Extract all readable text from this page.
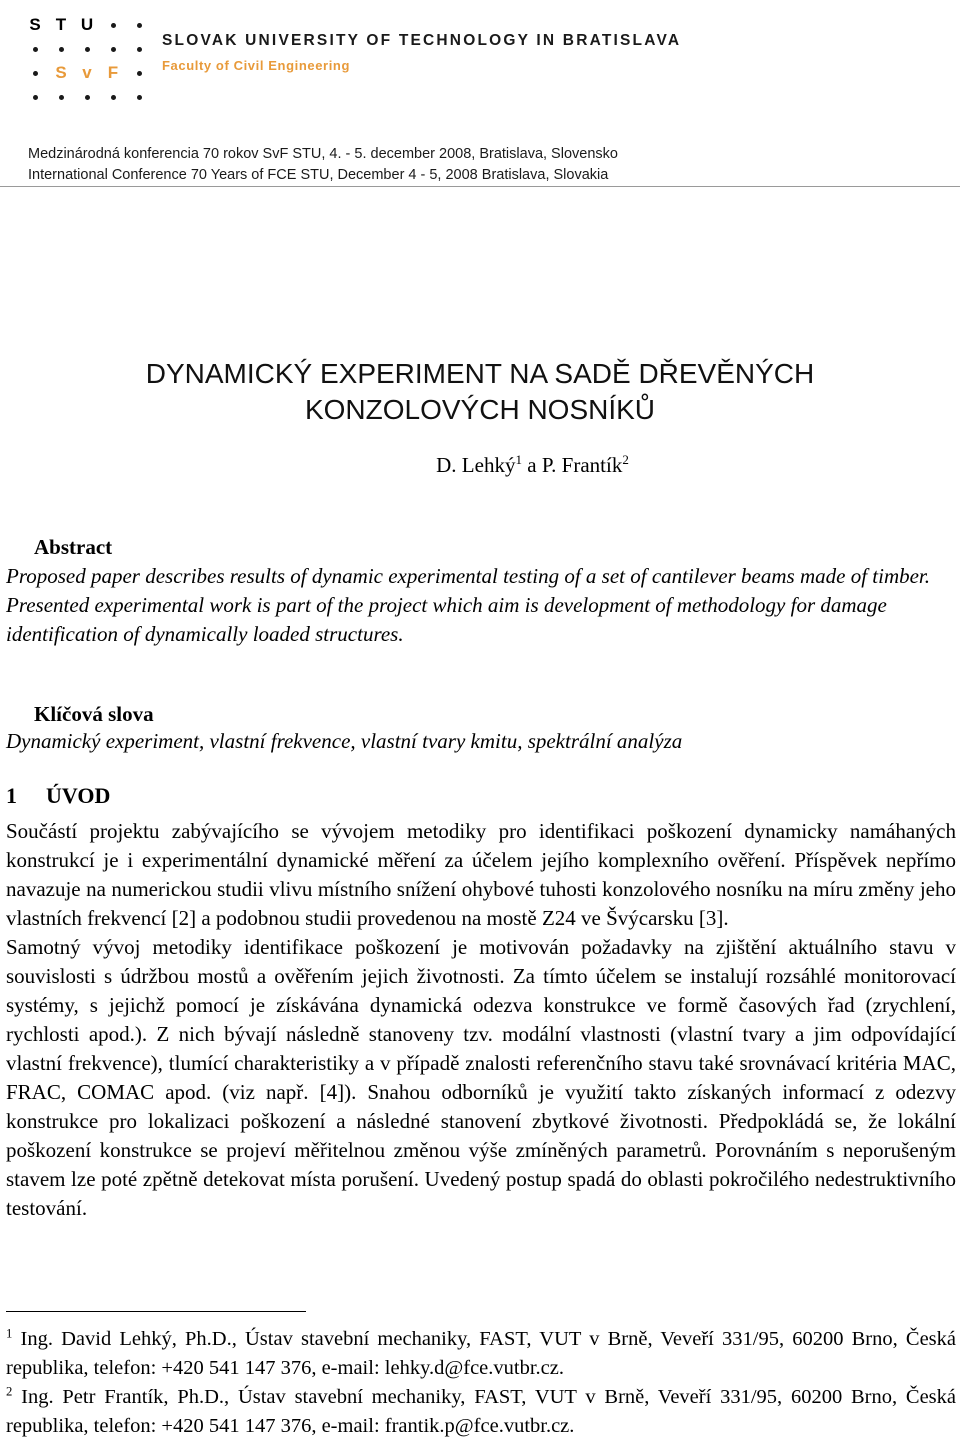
S T U
S v F
SLOVAK UNIVERSITY OF TECHNOLOGY IN BRATISLAVA
Faculty of Civil Engineering
Medzinárodná konferencia 70 rokov SvF STU, 4. - 5. december 2008, Bratislava, Slovensko
International Conference 70 Years of FCE STU, December 4 - 5, 2008 Bratislava, Slovakia
DYNAMICKÝ EXPERIMENT NA SADĚ DŘEVĚNÝCH
KONZOLOVÝCH NOSNÍKŮ
D. Lehký$^1$ a P. Frantík$^2$
Abstract
Proposed paper describes results of dynamic experimental testing of a set of cantilever beams made of timber. Presented experimental work is part of the project which aim is development of methodology for damage identification of dynamically loaded structures.
Klíčová slova
Dynamický experiment, vlastní frekvence, vlastní tvary kmitu, spektrální analýza
1 ÚVOD

Součástí projektu zabývajícího se vývojem metodiky pro identifikaci poškození dynamicky namáhaných konstrukcí je i experimentální dynamické měření za účelem jejího komplexního ověření. Příspěvek nepřímo navazuje na numerickou studii vlivu místního snížení ohybové tuhosti konzolového nosníku na míru změny jeho vlastních frekvencí [2] a podobnou studii provedenou na mostě Z24 ve Švýcarsku [3].

Samotný vývoj metodiky identifikace poškození je motivován požadavky na zjištění aktuálního stavu v souvislosti s údržbou mostů a ověřením jejich životnosti. Za tímto účelem se instalují rozsáhlé monitorovací systémy, s jejichž pomocí je získávána dynamická odezva konstrukce ve formě časových řad (zrychlení, rychlosti apod.). Z nich bývají následně stanoveny tzv. modální vlastnosti (vlastní tvary a jim odpovídající vlastní frekvence), tlumící charakteristiky a v případě znalosti referenčního stavu také srovnávací kritéria MAC, FRAC, COMAC apod. (viz např. [4]). Snahou odborníků je využití takto získaných informací z odezvy konstrukce pro lokalizaci poškození a následné stanovení zbytkové životnosti. Předpokládá se, že lokální poškození konstrukce se projeví měřitelnou změnou výše zmíněných parametrů. Porovnáním s neporušeným stavem lze poté zpětně detekovat místa porušení. Uvedený postup spadá do oblasti pokročilého nedestruktivního testování.

$^1$ Ing. David Lehký, Ph.D., Ústav stavební mechaniky, FAST, VUT v Brně, Veveří 331/95, 60200 Brno, Česká republika, telefon: +420 541 147 376, e-mail: lehky.d@fce.vutbr.cz.
$^2$ Ing. Petr Frantík, Ph.D., Ústav stavební mechaniky, FAST, VUT v Brně, Veveří 331/95, 60200 Brno, Česká republika, telefon: +420 541 147 376, e-mail: frantik.p@fce.vutbr.cz.
